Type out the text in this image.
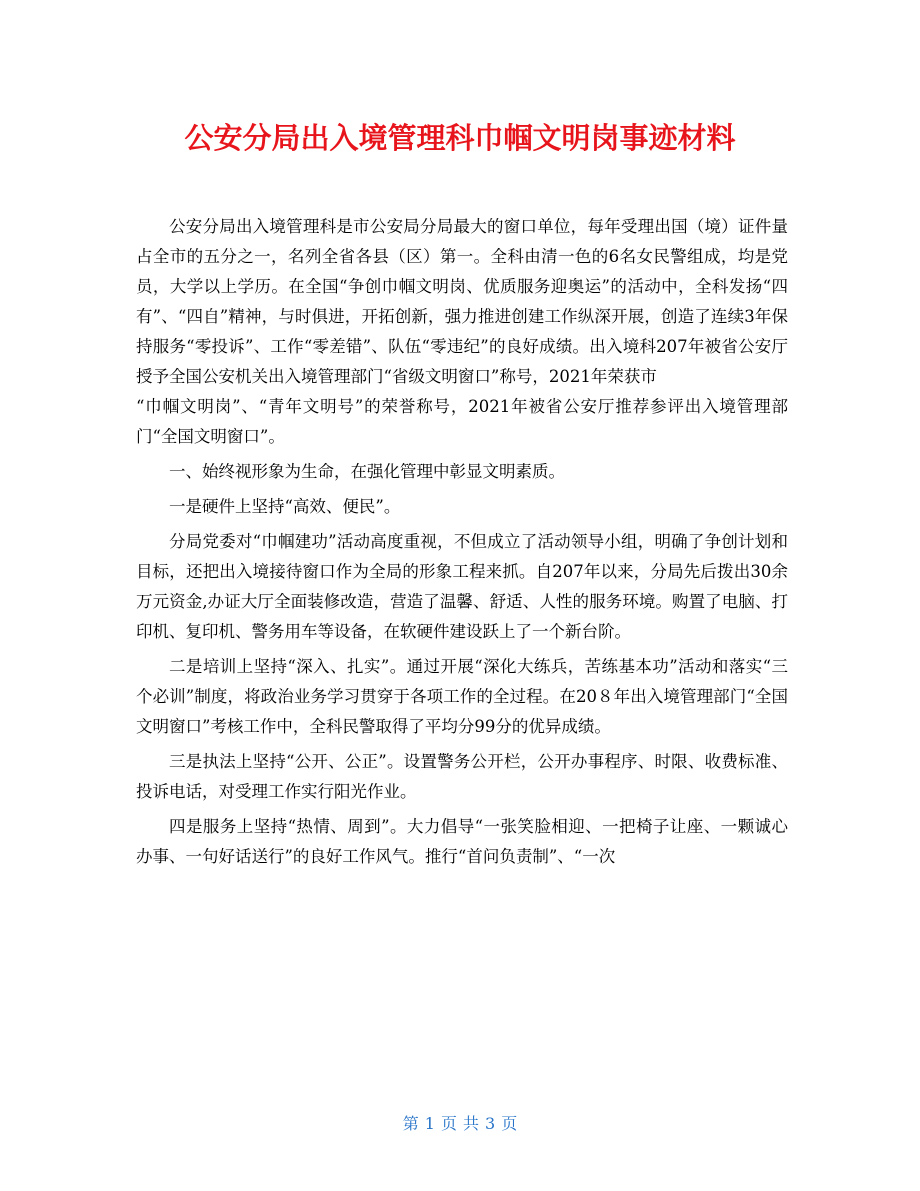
公安分局出入境管理科巾帼文明岗事迹材料

公安分局出入境管理科是市公安局分局最大的窗口单位，每年受理出国（境）证件量占全市的五分之一，名列全省各县（区）第一。全科由清一色的6名女民警组成，均是党员，大学以上学历。在全国“争创巾帼文明岗、优质服务迎奥运”的活动中，全科发扬“四有”、“四自”精神，与时俱进，开拓创新，强力推进创建工作纵深开展，创造了连续3年保持服务“零投诉”、工作“零差错”、队伍“零违纪”的良好成绩。出入境科207年被省公安厅授予全国公安机关出入境管理部门“省级文明窗口”称号，2021年荣获市

“巾帼文明岗”、“青年文明号”的荣誉称号，2021年被省公安厅推荐参评出入境管理部门“全国文明窗口”。

一、始终视形象为生命，在强化管理中彰显文明素质。

一是硬件上坚持“高效、便民”。

分局党委对“巾帼建功”活动高度重视，不但成立了活动领导小组，明确了争创计划和目标，还把出入境接待窗口作为全局的形象工程来抓。自207年以来，分局先后拨出30余万元资金,办证大厅全面装修改造，营造了温馨、舒适、人性的服务环境。购置了电脑、打印机、复印机、警务用车等设备，在软硬件建设跃上了一个新台阶。

二是培训上坚持“深入、扎实”。通过开展“深化大练兵，苦练基本功”活动和落实“三个必训”制度，将政治业务学习贯穿于各项工作的全过程。在20８年出入境管理部门“全国文明窗口”考核工作中，全科民警取得了平均分99分的优异成绩。

三是执法上坚持“公开、公正”。设置警务公开栏，公开办事程序、时限、收费标准、投诉电话，对受理工作实行阳光作业。

四是服务上坚持“热情、周到”。大力倡导“一张笑脸相迎、一把椅子让座、一颗诚心办事、一句好话送行”的良好工作风气。推行“首问负责制”、“一次

第 1 页 共 3 页
